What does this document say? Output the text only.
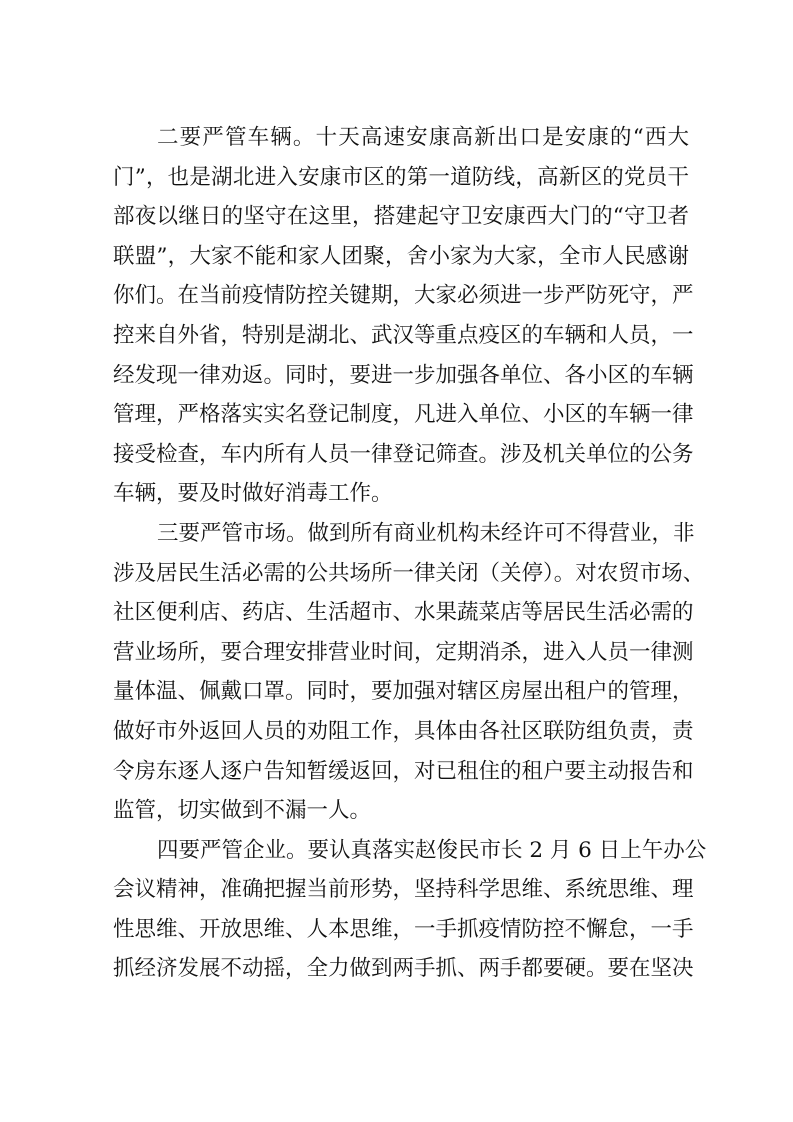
二要严管车辆。十天高速安康高新出口是安康的“西大
门”，也是湖北进入安康市区的第一道防线，高新区的党员干
部夜以继日的坚守在这里，搭建起守卫安康西大门的“守卫者
联盟”，大家不能和家人团聚，舍小家为大家，全市人民感谢
你们。在当前疫情防控关键期，大家必须进一步严防死守，严
控来自外省，特别是湖北、武汉等重点疫区的车辆和人员，一
经发现一律劝返。同时，要进一步加强各单位、各小区的车辆
管理，严格落实实名登记制度，凡进入单位、小区的车辆一律
接受检查，车内所有人员一律登记筛查。涉及机关单位的公务
车辆，要及时做好消毒工作。
三要严管市场。做到所有商业机构未经许可不得营业，非
涉及居民生活必需的公共场所一律关闭（关停）。对农贸市场、
社区便利店、药店、生活超市、水果蔬菜店等居民生活必需的
营业场所，要合理安排营业时间，定期消杀，进入人员一律测
量体温、佩戴口罩。同时，要加强对辖区房屋出租户的管理，
做好市外返回人员的劝阻工作，具体由各社区联防组负责，责
令房东逐人逐户告知暂缓返回，对已租住的租户要主动报告和
监管，切实做到不漏一人。
四要严管企业。要认真落实赵俊民市长 2 月 6 日上午办公
会议精神，准确把握当前形势，坚持科学思维、系统思维、理
性思维、开放思维、人本思维，一手抓疫情防控不懈怠，一手
抓经济发展不动摇，全力做到两手抓、两手都要硬。要在坚决
